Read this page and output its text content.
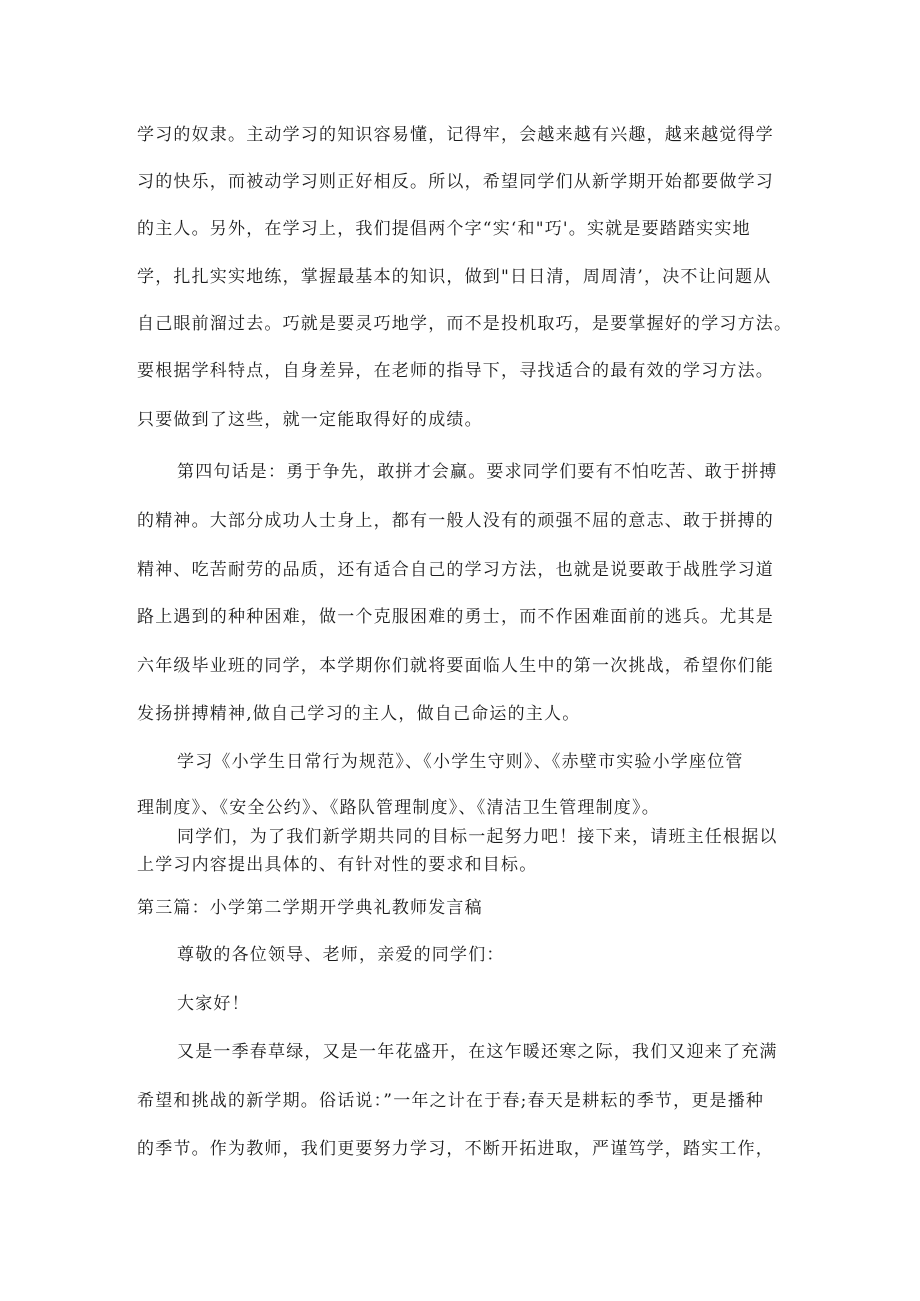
学习的奴隶。主动学习的知识容易懂，记得牢，会越来越有兴趣，越来越觉得学
习的快乐，而被动学习则正好相反。所以，希望同学们从新学期开始都要做学习
的主人。另外，在学习上，我们提倡两个字“实‘和"巧'。实就是要踏踏实实地
学，扎扎实实地练，掌握最基本的知识，做到"日日清，周周清’，决不让问题从
自己眼前溜过去。巧就是要灵巧地学，而不是投机取巧，是要掌握好的学习方法。
要根据学科特点，自身差异，在老师的指导下，寻找适合的最有效的学习方法。
只要做到了这些，就一定能取得好的成绩。
第四句话是：勇于争先，敢拼才会赢。要求同学们要有不怕吃苦、敢于拼搏
的精神。大部分成功人士身上，都有一般人没有的顽强不屈的意志、敢于拼搏的
精神、吃苦耐劳的品质，还有适合自己的学习方法，也就是说要敢于战胜学习道
路上遇到的种种困难，做一个克服困难的勇士，而不作困难面前的逃兵。尤其是
六年级毕业班的同学，本学期你们就将要面临人生中的第一次挑战，希望你们能
发扬拼搏精神,做自己学习的主人，做自己命运的主人。
学习《小学生日常行为规范》、《小学生守则》、《赤壁市实验小学座位管
理制度》、《安全公约》、《路队管理制度》、《清洁卫生管理制度》。
同学们，为了我们新学期共同的目标一起努力吧！接下来，请班主任根据以
上学习内容提出具体的、有针对性的要求和目标。
第三篇：小学第二学期开学典礼教师发言稿
尊敬的各位领导、老师，亲爱的同学们：
大家好！
又是一季春草绿，又是一年花盛开，在这乍暖还寒之际，我们又迎来了充满
希望和挑战的新学期。俗话说：”一年之计在于春;春天是耕耘的季节，更是播种
的季节。作为教师，我们更要努力学习，不断开拓进取，严谨笃学，踏实工作，
